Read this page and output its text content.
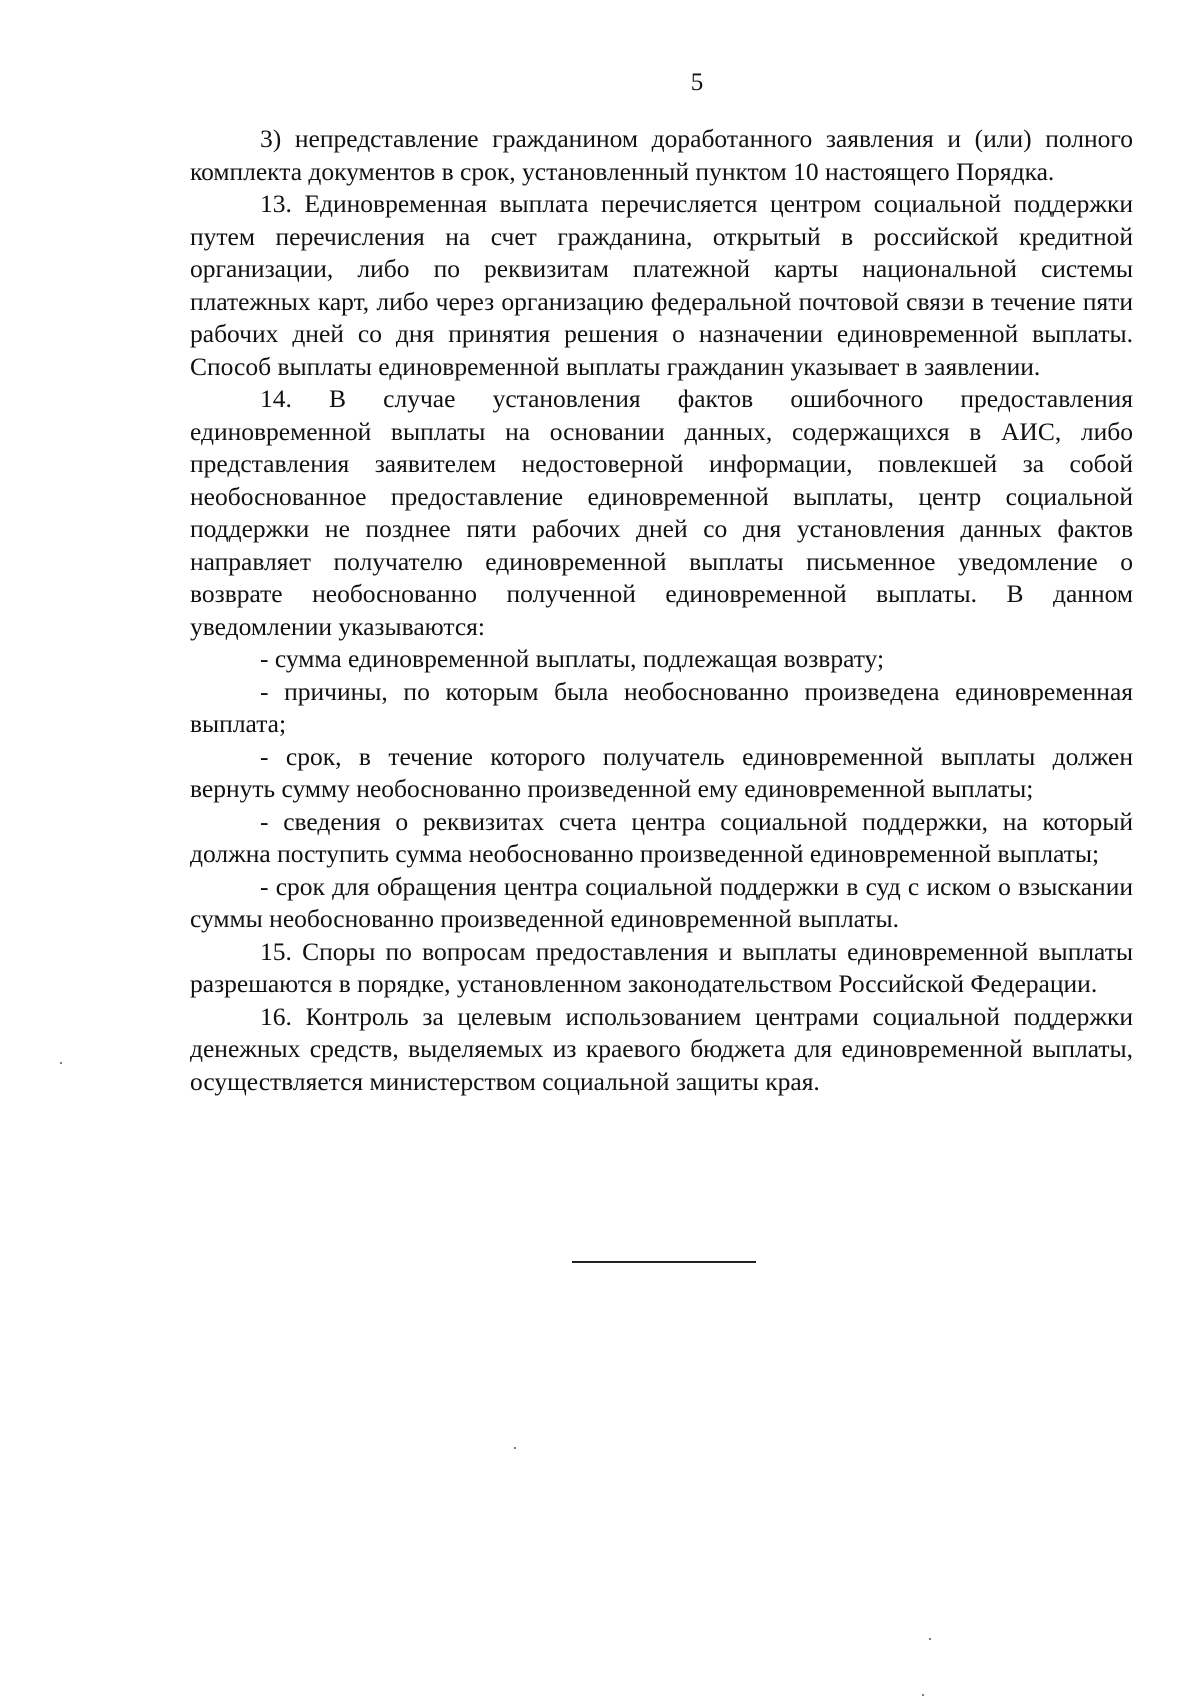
5

3) непредставление гражданином доработанного заявления и (или) полного комплекта документов в срок, установленный пунктом 10 настоящего Порядка.

13. Единовременная выплата перечисляется центром социальной поддержки путем перечисления на счет гражданина, открытый в российской кредитной организации, либо по реквизитам платежной карты национальной системы платежных карт, либо через организацию федеральной почтовой связи в течение пяти рабочих дней со дня принятия решения о назначении единовременной выплаты. Способ выплаты единовременной выплаты гражданин указывает в заявлении.

14. В случае установления фактов ошибочного предоставления единовременной выплаты на основании данных, содержащихся в АИС, либо представления заявителем недостоверной информации, повлекшей за собой необоснованное предоставление единовременной выплаты, центр социальной поддержки не позднее пяти рабочих дней со дня установления данных фактов направляет получателю единовременной выплаты письменное уведомление о возврате необоснованно полученной единовременной выплаты. В данном уведомлении указываются:

- сумма единовременной выплаты, подлежащая возврату;

- причины, по которым была необоснованно произведена единовременная выплата;

- срок, в течение которого получатель единовременной выплаты должен вернуть сумму необоснованно произведенной ему единовременной выплаты;

- сведения о реквизитах счета центра социальной поддержки, на который должна поступить сумма необоснованно произведенной единовременной выплаты;

- срок для обращения центра социальной поддержки в суд с иском о взыскании суммы необоснованно произведенной единовременной выплаты.

15. Споры по вопросам предоставления и выплаты единовременной выплаты разрешаются в порядке, установленном законодательством Российской Федерации.

16. Контроль за целевым использованием центрами социальной поддержки денежных средств, выделяемых из краевого бюджета для единовременной выплаты, осуществляется министерством социальной защиты края.
